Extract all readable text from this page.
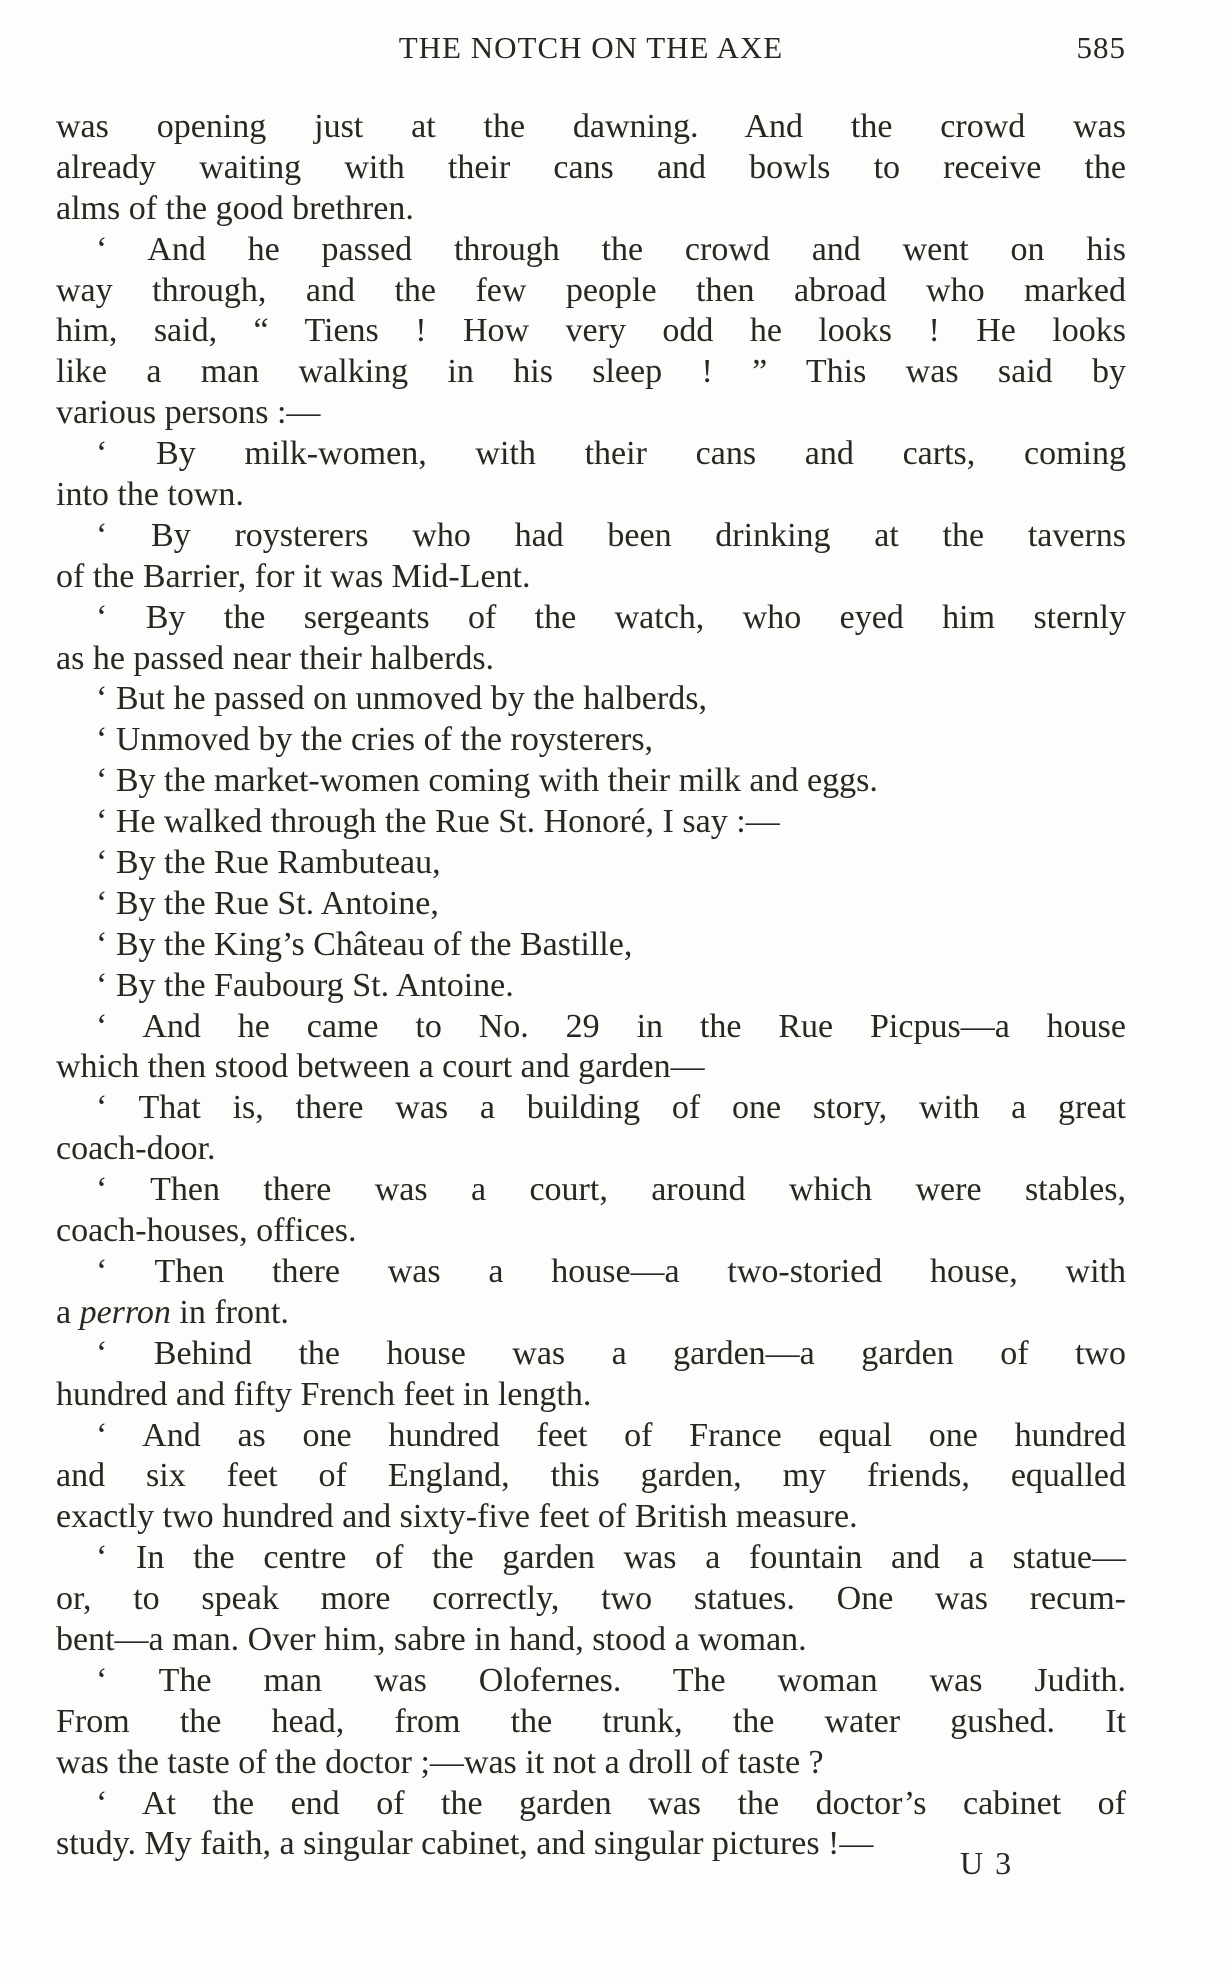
THE NOTCH ON THE AXE	585
was opening just at the dawning. And the crowd was
already waiting with their cans and bowls to receive the
alms of the good brethren.
‘ And he passed through the crowd and went on his
way through, and the few people then abroad who marked
him, said, “ Tiens ! How very odd he looks ! He looks
like a man walking in his sleep ! ” This was said by
various persons :—
‘ By milk-women, with their cans and carts, coming
into the town.
‘ By roysterers who had been drinking at the taverns
of the Barrier, for it was Mid-Lent.
‘ By the sergeants of the watch, who eyed him sternly
as he passed near their halberds.
‘ But he passed on unmoved by the halberds,
‘ Unmoved by the cries of the roysterers,
‘ By the market-women coming with their milk and eggs.
‘ He walked through the Rue St. Honoré, I say :—
‘ By the Rue Rambuteau,
‘ By the Rue St. Antoine,
‘ By the King’s Château of the Bastille,
‘ By the Faubourg St. Antoine.
‘ And he came to No. 29 in the Rue Picpus—a house
which then stood between a court and garden—
‘ That is, there was a building of one story, with a great
coach-door.
‘ Then there was a court, around which were stables,
coach-houses, offices.
‘ Then there was a house—a two-storied house, with
a perron in front.
‘ Behind the house was a garden—a garden of two
hundred and fifty French feet in length.
‘ And as one hundred feet of France equal one hundred
and six feet of England, this garden, my friends, equalled
exactly two hundred and sixty-five feet of British measure.
‘ In the centre of the garden was a fountain and a statue—
or, to speak more correctly, two statues. One was recum-
bent—a man. Over him, sabre in hand, stood a woman.
‘ The man was Olofernes. The woman was Judith.
From the head, from the trunk, the water gushed. It
was the taste of the doctor ;—was it not a droll of taste ?
‘ At the end of the garden was the doctor’s cabinet of
study. My faith, a singular cabinet, and singular pictures !—
U 3
